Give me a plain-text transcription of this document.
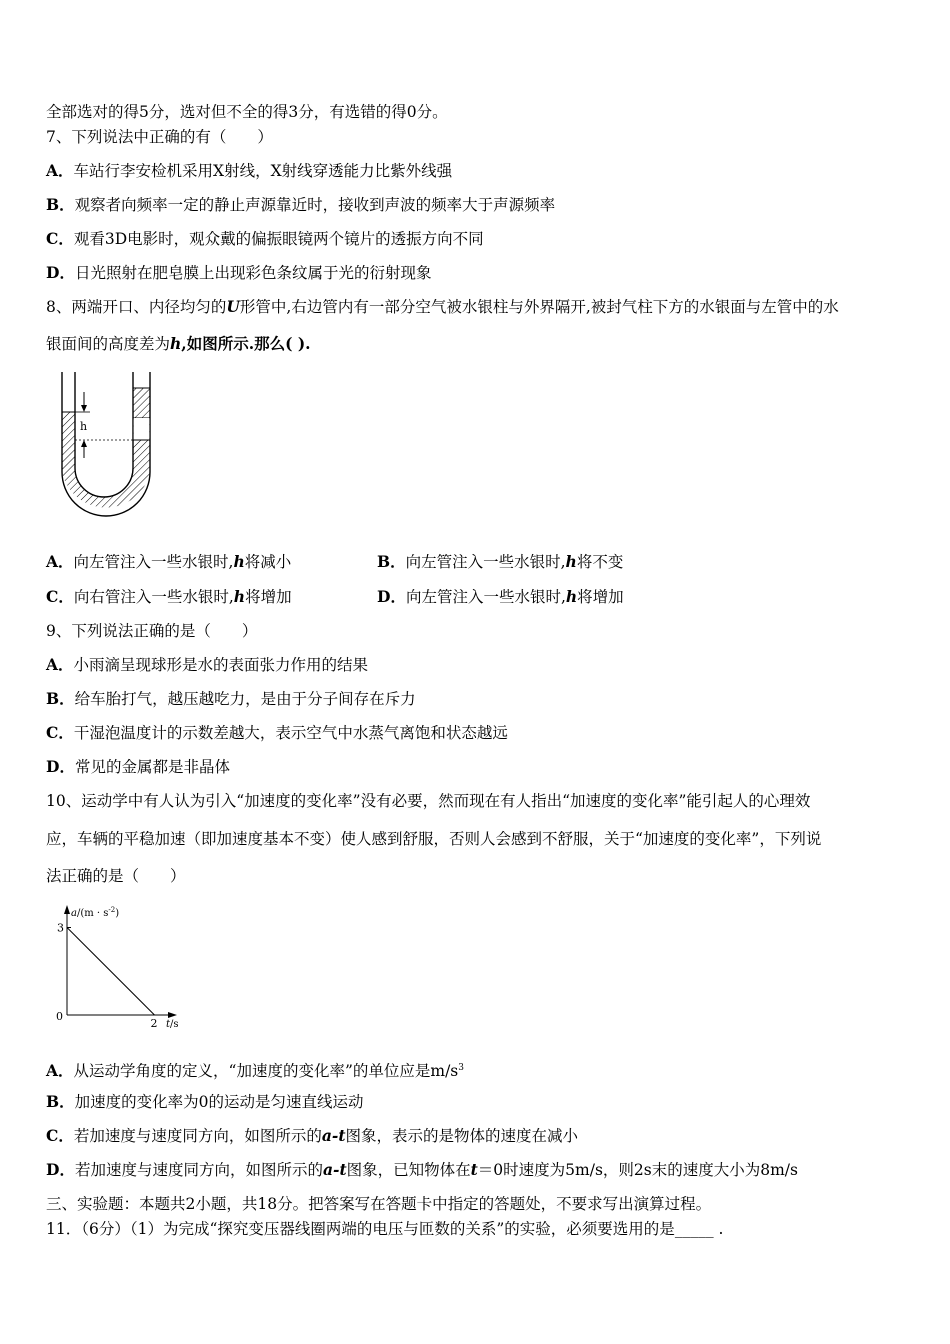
全部选对的得5分，选对但不全的得3分，有选错的得0分。
7、下列说法中正确的有（　　）
A．车站行李安检机采用X射线，X射线穿透能力比紫外线强
B．观察者向频率一定的静止声源靠近时，接收到声波的频率大于声源频率
C．观看3D电影时，观众戴的偏振眼镜两个镜片的透振方向不同
D．日光照射在肥皂膜上出现彩色条纹属于光的衍射现象
8、两端开口、内径均匀的U形管中,右边管内有一部分空气被水银柱与外界隔开,被封气柱下方的水银面与左管中的水
银面间的高度差为h,如图所示.那么( ).
h
A．向左管注入一些水银时,h将减小	B．向左管注入一些水银时,h将不变
C．向右管注入一些水银时,h将增加	D．向左管注入一些水银时,h将增加
9、下列说法正确的是（　　）
A．小雨滴呈现球形是水的表面张力作用的结果
B．给车胎打气，越压越吃力，是由于分子间存在斥力
C．干湿泡温度计的示数差越大，表示空气中水蒸气离饱和状态越远
D．常见的金属都是非晶体
10、运动学中有人认为引入“加速度的变化率”没有必要，然而现在有人指出“加速度的变化率”能引起人的心理效
应，车辆的平稳加速（即加速度基本不变）使人感到舒服，否则人会感到不舒服，关于“加速度的变化率”，下列说
法正确的是（　　）
$a/(m \cdot s^{-2})$
t/s
0
3
2
A．从运动学角度的定义，“加速度的变化率”的单位应是$m/s^3$
B．加速度的变化率为0的运动是匀速直线运动
C．若加速度与速度同方向，如图所示的a-t图象，表示的是物体的速度在减小
D．若加速度与速度同方向，如图所示的a-t图象，已知物体在t＝0时速度为5m/s，则2s末的速度大小为8m/s
三、实验题：本题共2小题，共18分。把答案写在答题卡中指定的答题处，不要求写出演算过程。
11．（6分）（1）为完成“探究变压器线圈两端的电压与匝数的关系”的实验，必须要选用的是_____ .
